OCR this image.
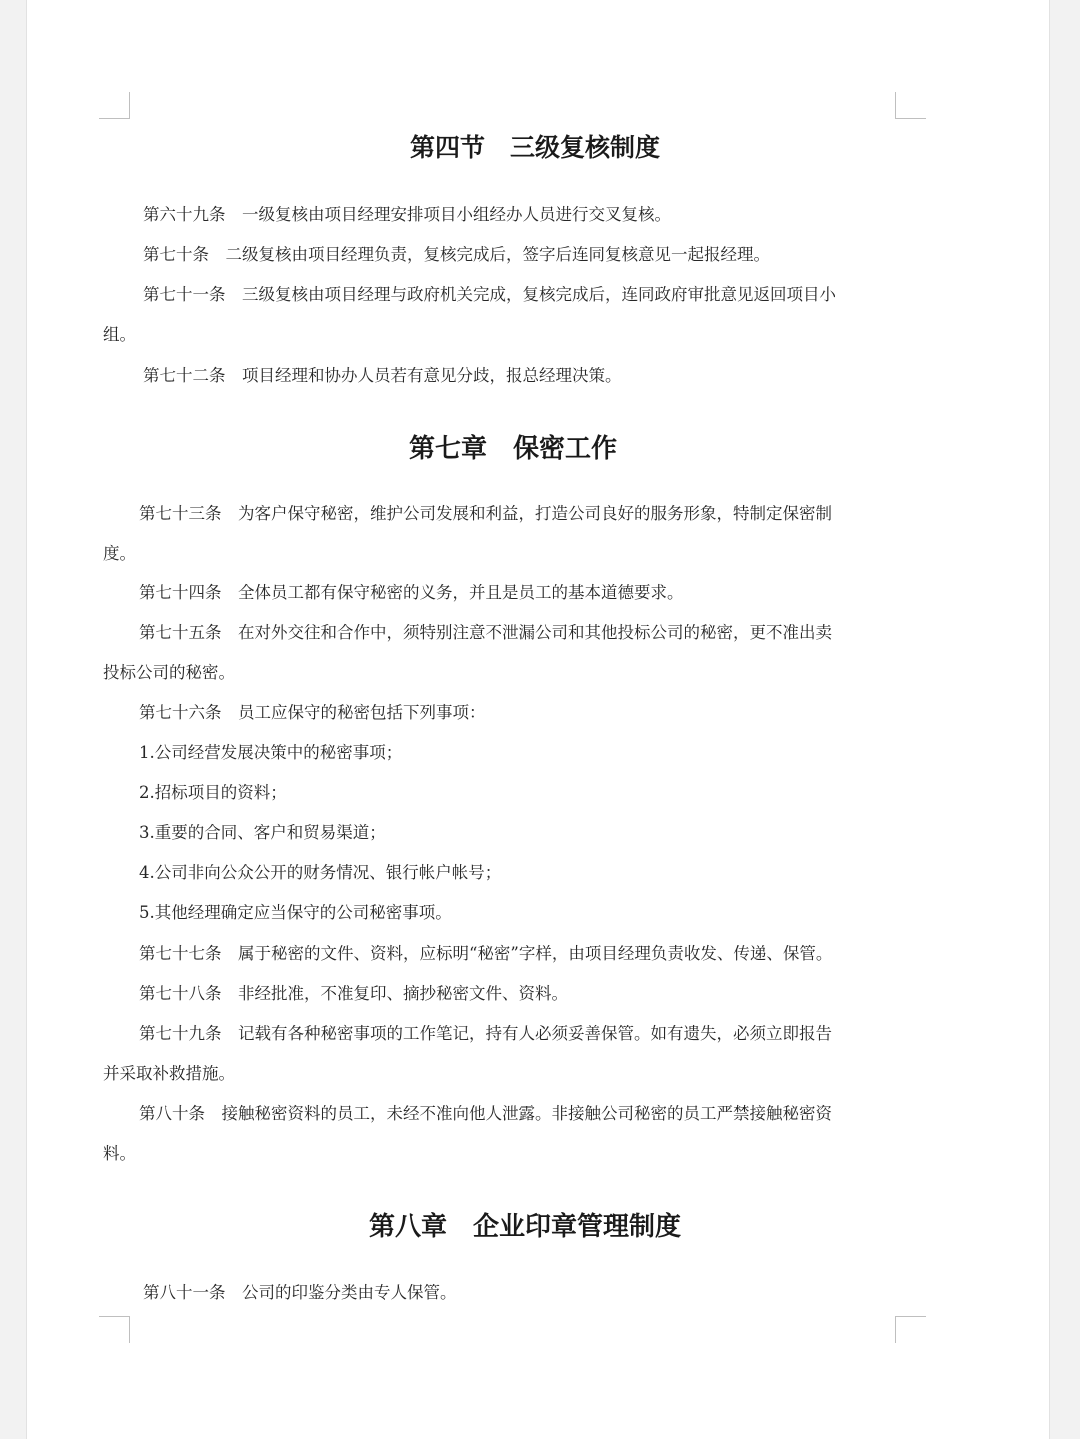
第四节　三级复核制度
第六十九条　一级复核由项目经理安排项目小组经办人员进行交叉复核。
第七十条　二级复核由项目经理负责，复核完成后，签字后连同复核意见一起报经理。
第七十一条　三级复核由项目经理与政府机关完成，复核完成后，连同政府审批意见返回项目小
组。
第七十二条　项目经理和协办人员若有意见分歧，报总经理决策。
第七章　保密工作
第七十三条　为客户保守秘密，维护公司发展和利益，打造公司良好的服务形象，特制定保密制
度。
第七十四条　全体员工都有保守秘密的义务，并且是员工的基本道德要求。
第七十五条　在对外交往和合作中，须特别注意不泄漏公司和其他投标公司的秘密，更不准出卖
投标公司的秘密。
第七十六条　员工应保守的秘密包括下列事项：
1.公司经营发展决策中的秘密事项；
2.招标项目的资料；
3.重要的合同、客户和贸易渠道；
4.公司非向公众公开的财务情况、银行帐户帐号；
5.其他经理确定应当保守的公司秘密事项。
第七十七条　属于秘密的文件、资料，应标明“秘密”字样，由项目经理负责收发、传递、保管。
第七十八条　非经批准，不准复印、摘抄秘密文件、资料。
第七十九条　记载有各种秘密事项的工作笔记，持有人必须妥善保管。如有遗失，必须立即报告
并采取补救措施。
第八十条　接触秘密资料的员工，未经不准向他人泄露。非接触公司秘密的员工严禁接触秘密资
料。
第八章　企业印章管理制度
第八十一条　公司的印鉴分类由专人保管。
